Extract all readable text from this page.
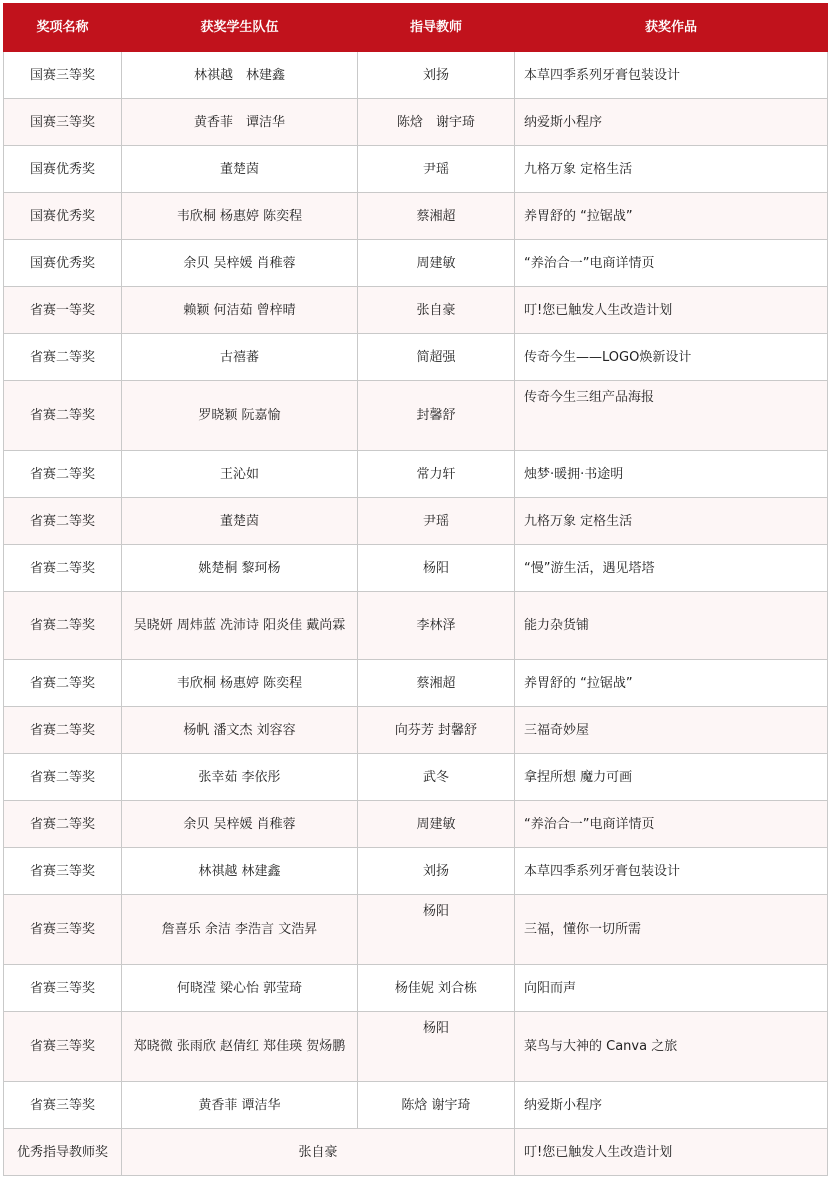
奖项名称	获奖学生队伍	指导教师	获奖作品
国赛三等奖	林祺越　林建鑫	刘扬	本草四季系列牙膏包装设计
国赛三等奖	黄香菲　谭洁华	陈焓　谢宇琦	纳爱斯小程序
国赛优秀奖	董楚茵	尹瑶	九格万象 定格生活
国赛优秀奖	韦欣桐 杨惠婷 陈奕程	蔡湘超	养胃舒的 “拉锯战”
国赛优秀奖	余贝 吴梓媛 肖稚蓉	周建敏	“养治合一”电商详情页
省赛一等奖	赖颖 何洁茹 曾梓晴	张自豪	叮!您已触发人生改造计划
省赛二等奖	古禧蕃	简超强	传奇今生——LOGO焕新设计
省赛二等奖	罗晓颖 阮嘉愉	封馨舒	传奇今生三组产品海报
省赛二等奖	王沁如	常力轩	烛梦·暖拥·书途明
省赛二等奖	董楚茵	尹瑶	九格万象 定格生活
省赛二等奖	姚楚桐 黎珂杨	杨阳	“慢”游生活，遇见塔塔
省赛二等奖	吴晓妍 周炜蓝 冼沛诗 阳炎佳 戴尚霖	李林泽	能力杂货铺
省赛二等奖	韦欣桐 杨惠婷 陈奕程	蔡湘超	养胃舒的 “拉锯战”
省赛二等奖	杨帆 潘文杰 刘容容	向芬芳 封馨舒	三福奇妙屋
省赛二等奖	张幸茹 李依彤	武冬	拿捏所想 魔力可画
省赛二等奖	余贝 吴梓媛 肖稚蓉	周建敏	“养治合一”电商详情页
省赛三等奖	林祺越 林建鑫	刘扬	本草四季系列牙膏包装设计
省赛三等奖	詹喜乐 余洁 李浩言 文浩昇	杨阳	三福，懂你一切所需
省赛三等奖	何晓滢 梁心怡 郭莹琦	杨佳妮 刘合栋	向阳而声
省赛三等奖	郑晓微 张雨欣 赵倩红 郑佳瑛 贺炀鹏	杨阳	菜鸟与大神的 Canva 之旅
省赛三等奖	黄香菲 谭洁华	陈焓 谢宇琦	纳爱斯小程序
优秀指导教师奖	张自豪		叮!您已触发人生改造计划
